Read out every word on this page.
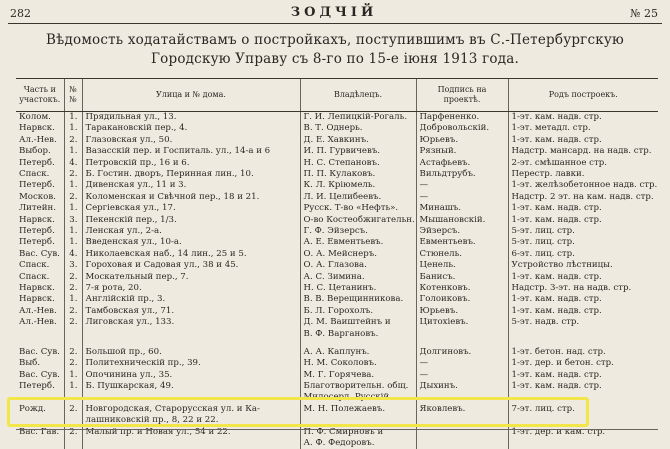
282	ЗОДЧІЙ	№ 25
Вѣдомость ходатайствамъ о постройкахъ, поступившимъ въ С.-Петербургскую
Городскую Управу съ 8-го по 15-е іюня 1913 года.
Часть и участокъ.	№ №	Улица и № дома.	Владѣлецъ.	Подпись на проектѣ.	Родъ построекъ.
Колом.	1.	Прядильная ул., 13.	Г. И. Лепицкій-Рогаль.	Парфененко.	1-эт. кам. надв. стр.
Нарвск.	1.	Таракановскій пер., 4.	В. Т. Однерь.	Добровольскій.	1-эт. метадл. стр.
Ал.-Нев.	2.	Глазовская ул., 50.	Д. Е. Хавкинъ.	Юрьевъ.	1-эт. кам. надв. стр.
Выбор.	1.	Вазасскій пер. и Госпиталь. ул., 14-а и 6	И. П. Гурвичевъ.	Рязный.	Надстр. мансард. на надв. стр.
Петерб.	4.	Петровскій пр., 16 и 6.	Н. С. Степановъ.	Астафьевъ.	2-эт. смѣшанное стр.
Спаск.	2.	Б. Гостин. дворъ, Перинная лин., 10.	П. П. Кулаковъ.	Вильдтрубъ.	Перестр. лавки.
Петерб.	1.	Дивенская ул., 11 и 3.	К. Л. Кріюмель.	—	1-эт. желѣзобетонное надв. стр.
Москов.	2.	Коломенская и Свѣчной пер., 18 и 21.	Л. И. Целибеевъ.	—	Надстр. 2 эт. на кам. надв. стр.
Литейн.	1.	Сергіевская ул., 17.	Русск. Т-во «Нефть».	Минашъ.	1-эт. кам. надв. стр.
Нарвск.	3.	Пекенскій пер., 1/3.	О-во Костеобжигательн.	Мышановскій.	1-эт. кам. надв. стр.
Петерб.	1.	Ленская ул., 2-а.	Г. Ф. Эйзерсъ.	Эйзерсъ.	5-эт. лиц. стр.
Петерб.	1.	Введенская ул., 10-а.	А. Е. Евментьевъ.	Евментьевъ.	5-эт. лиц. стр.
Вас. Сув.	4.	Николаевская наб., 14 лин., 25 и 5.	О. А. Мейснеръ.	Стюнель.	6-эт. лиц. стр.
Спаск.	3.	Гороховая и Садовая ул., 38 и 45.	О. А. Глазова.	Ценель.	Устройство лѣстницы.
Спаск.	2.	Москательный пер., 7.	А. С. Зимина.	Банисъ.	1-эт. кам. надв. стр.
Нарвск.	2.	7-я рота, 20.	Н. С. Цетанинъ.	Котенковъ.	Надстр. 3-эт. на надв. стр.
Нарвск.	1.	Англійскій пр., 3.	В. В. Верещинникова.	Голоиковъ.	1-эт. кам. надв. стр.
Ал.-Нев.	2.	Тамбовская ул., 71.	Б. Л. Горохолъ.	Юрьевъ.	1-эт. кам. надв. стр.
Ал.-Нев.	2.	Лиговская ул., 133.	Д. М. Ваиштейнъ и	Цитохіевъ.	5-эт. надв. стр.
			В. Ф. Варгановъ.		

Вас. Сув.	2.	Большой пр., 60.	А. А. Каплунъ.	Долгиновъ.	1-эт. бетон. над. стр.
Выб.	2.	Политехническій пр., 39.	Н. М. Соколовъ.	—	1-эт. дер. и бетон. стр.
Вас. Сув.	1.	Опочинина ул., 35.	М. Г. Горячева.	—	1-эт. кам. надв. стр.
Петерб.	1.	Б. Пушкарская, 49.	Благотворительн. общ.	Дыхинъ.	1-эт. кам. надв. стр.
			Милосерд. Русскій		
Рожд.	2.	Новгородская, Старорусская ул. и Ка-	М. Н. Полежаевъ.	Яковлевъ.	7-эт. лиц. стр.
		лашниковскій пр., 8, 22 и 22.			
Вас. Гав.	2.	Малый пр. и Новая ул., 54 и 22.	П. Ф. Смирновъ и		1-эт. дер. и кам. стр.
			А. Ф. Федоровъ.		
